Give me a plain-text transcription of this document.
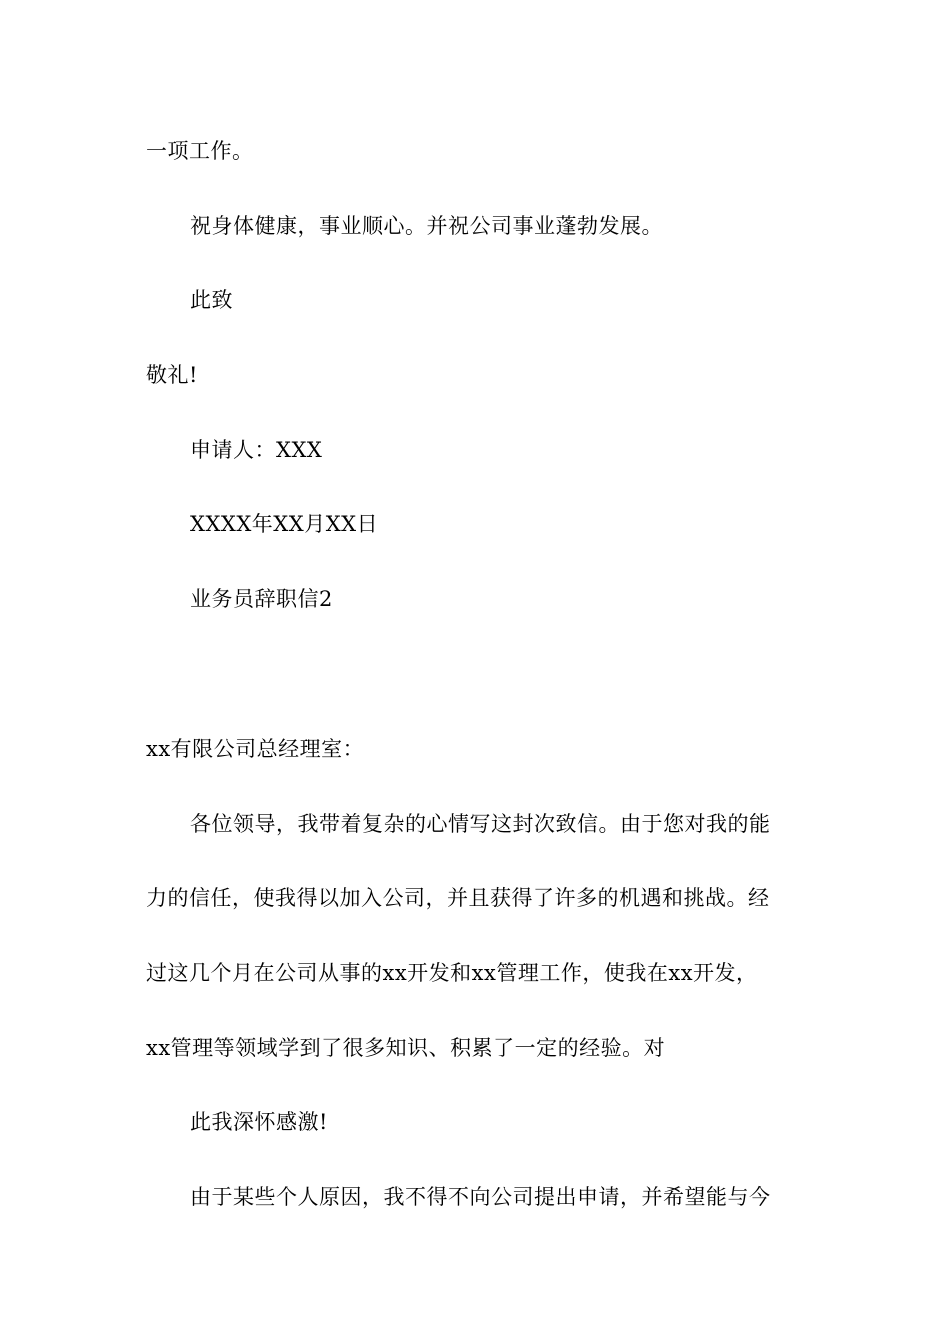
一项工作。
祝身体健康，事业顺心。并祝公司事业蓬勃发展。
此致
敬礼!
申请人：XXX
XXXX年XX月XX日
业务员辞职信2
xx有限公司总经理室：
各位领导，我带着复杂的心情写这封次致信。由于您对我的能
力的信任，使我得以加入公司，并且获得了许多的机遇和挑战。经
过这几个月在公司从事的xx开发和xx管理工作，使我在xx开发，
xx管理等领域学到了很多知识、积累了一定的经验。对
此我深怀感激!
由于某些个人原因，我不得不向公司提出申请，并希望能与今
